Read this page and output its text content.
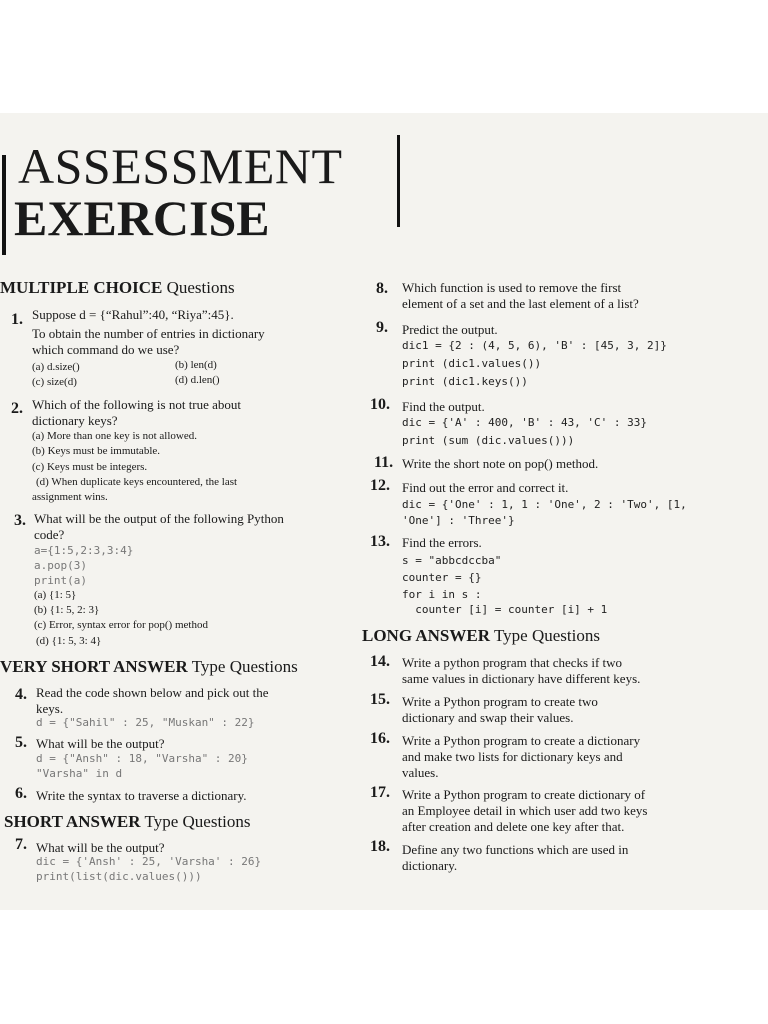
ASSESSMENT
EXERCISE
MULTIPLE CHOICE Questions
1. Suppose d = {“Rahul”:40, “Riya”:45}.
To obtain the number of entries in dictionary
which command do we use?
(a) d.size()	(b) len(d)
(c) size(d)	(d) d.len()
2. Which of the following is not true about
dictionary keys?
(a) More than one key is not allowed.
(b) Keys must be immutable.
(c) Keys must be integers.
(d) When duplicate keys encountered, the last
assignment wins.
3. What will be the output of the following Python
code?
a={1:5,2:3,3:4}
a.pop(3)
print(a)
(a) {1: 5}
(b) {1: 5, 2: 3}
(c) Error, syntax error for pop() method
(d) {1: 5, 3: 4}
VERY SHORT ANSWER Type Questions
4. Read the code shown below and pick out the
keys.
d = {"Sahil" : 25, "Muskan" : 22}
5. What will be the output?
d = {"Ansh" : 18, "Varsha" : 20}
"Varsha" in d
6. Write the syntax to traverse a dictionary.
SHORT ANSWER Type Questions
7. What will be the output?
dic = {'Ansh' : 25, 'Varsha' : 26}
print(list(dic.values()))
8. Which function is used to remove the first
element of a set and the last element of a list?
9. Predict the output.
dic1 = {2 : (4, 5, 6), 'B' : [45, 3, 2]}
print (dic1.values())
print (dic1.keys())
10. Find the output.
dic = {'A' : 400, 'B' : 43, 'C' : 33}
print (sum (dic.values()))
11. Write the short note on pop() method.
12. Find out the error and correct it.
dic = {'One' : 1, 1 : 'One', 2 : 'Two', [1,
'One'] : 'Three'}
13. Find the errors.
s = "abbcdccba"
counter = {}
for i in s :
counter [i] = counter [i] + 1
LONG ANSWER Type Questions
14. Write a python program that checks if two
same values in dictionary have different keys.
15. Write a Python program to create two
dictionary and swap their values.
16. Write a Python program to create a dictionary
and make two lists for dictionary keys and
values.
17. Write a Python program to create dictionary of
an Employee detail in which user add two keys
after creation and delete one key after that.
18. Define any two functions which are used in
dictionary.
